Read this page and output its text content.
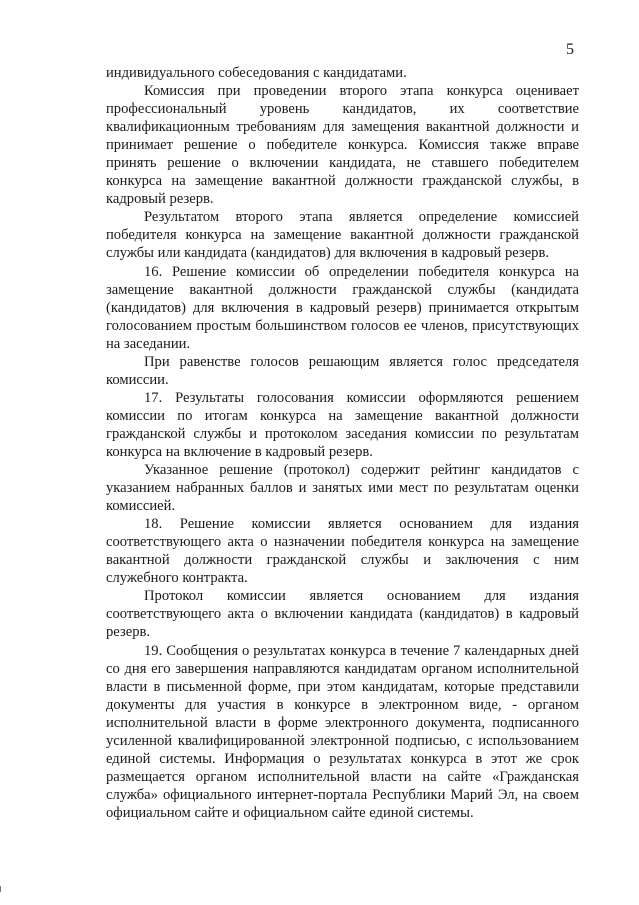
5

индивидуального собеседования с кандидатами.

Комиссия при проведении второго этапа конкурса оценивает профессиональный уровень кандидатов, их соответствие квалификационным требованиям для замещения вакантной должности и принимает решение о победителе конкурса. Комиссия также вправе принять решение о включении кандидата, не ставшего победителем конкурса на замещение вакантной должности гражданской службы, в кадровый резерв.

Результатом второго этапа является определение комиссией победителя конкурса на замещение вакантной должности гражданской службы или кандидата (кандидатов) для включения в кадровый резерв.

16. Решение комиссии об определении победителя конкурса на замещение вакантной должности гражданской службы (кандидата (кандидатов) для включения в кадровый резерв) принимается открытым голосованием простым большинством голосов ее членов, присутствующих на заседании.

При равенстве голосов решающим является голос председателя комиссии.

17. Результаты голосования комиссии оформляются решением комиссии по итогам конкурса на замещение вакантной должности гражданской службы и протоколом заседания комиссии по результатам конкурса на включение в кадровый резерв.

Указанное решение (протокол) содержит рейтинг кандидатов с указанием набранных баллов и занятых ими мест по результатам оценки комиссией.

18. Решение комиссии является основанием для издания соответствующего акта о назначении победителя конкурса на замещение вакантной должности гражданской службы и заключения с ним служебного контракта.

Протокол комиссии является основанием для издания соответствующего акта о включении кандидата (кандидатов) в кадровый резерв.

19. Сообщения о результатах конкурса в течение 7 календарных дней со дня его завершения направляются кандидатам органом исполнительной власти в письменной форме, при этом кандидатам, которые представили документы для участия в конкурсе в электронном виде, - органом исполнительной власти в форме электронного документа, подписанного усиленной квалифицированной электронной подписью, с использованием единой системы. Информация о результатах конкурса в этот же срок размещается органом исполнительной власти на сайте «Гражданская служба» официального интернет-портала Республики Марий Эл, на своем официальном сайте и официальном сайте единой системы.
